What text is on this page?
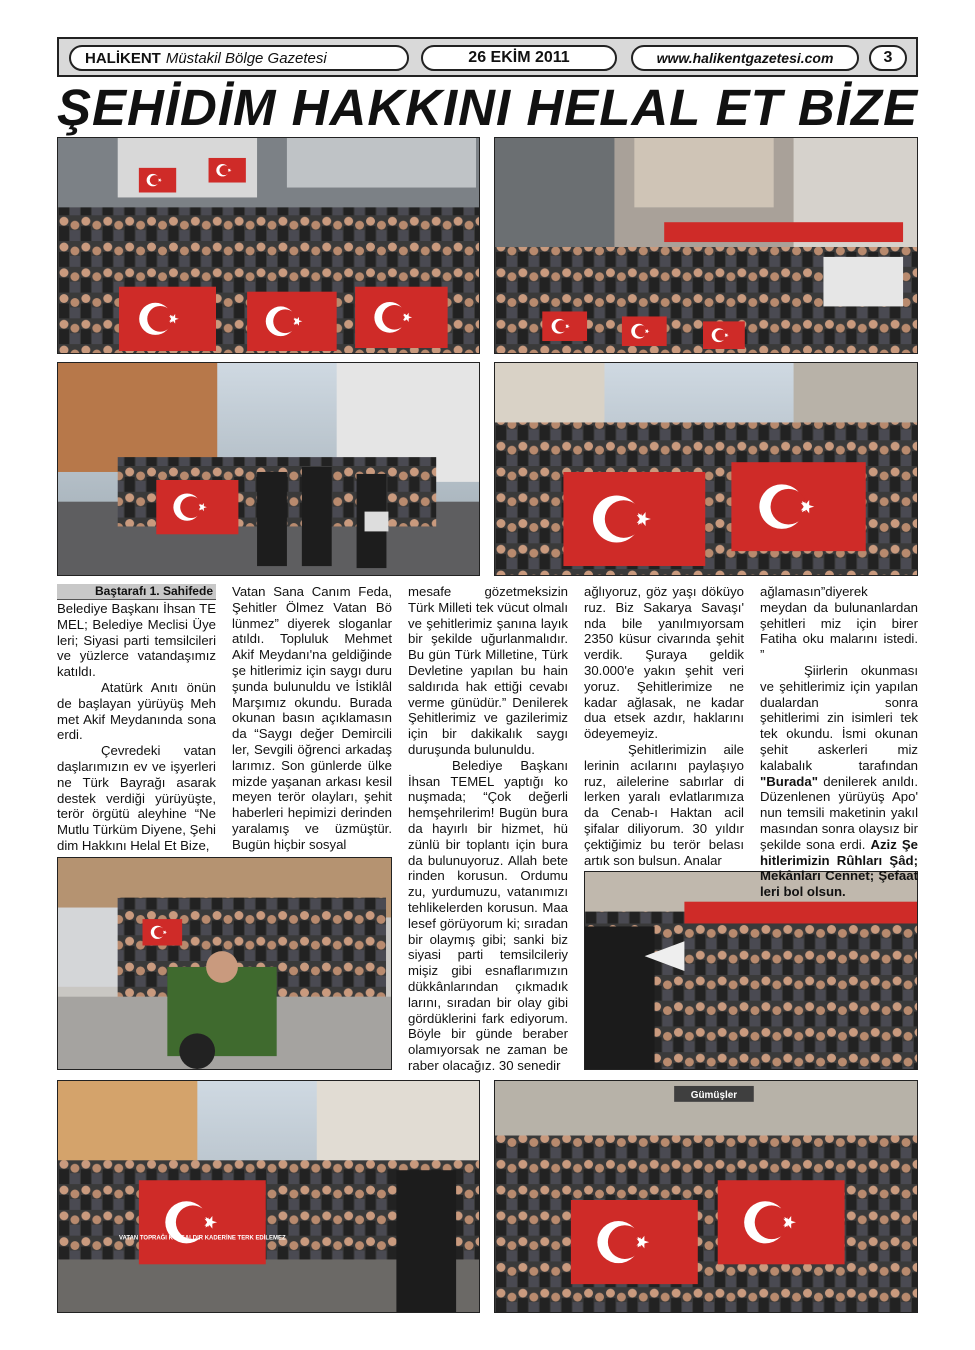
HALİKENT Müstakil Bölge Gazetesi	26 EKİM 2011	www.halikentgazetesi.com	3
ŞEHİDİM HAKKINI HELAL ET BİZE
VATAN TOPRAĞI KUTSALDIR KADERİNE TERK EDİLEMEZ
Gümüşler
Baştarafı 1. Sahifede

Belediye Başkanı İhsan TE MEL; Belediye Meclisi Üye leri; Siyasi parti temsilcileri ve yüzlerce vatandaşımız katıldı.

Atatürk Anıtı önün de başlayan yürüyüş Meh met Akif Meydanında sona erdi.

Çevredeki vatan daşlarımızın ev ve işyerleri ne Türk Bayrağı asarak destek verdiği yürüyüşte, terör örgütü aleyhine “Ne Mutlu Türküm Diyene, Şehi dim Hakkını Helal Et Bize,

Vatan Sana Canım Feda, Şehitler Ölmez Vatan Bö lünmez” diyerek sloganlar atıldı. Topluluk Mehmet Akif Meydanı'na geldiğinde şe hitlerimiz için saygı duru şunda bulunuldu ve İstiklâl Marşımız okundu. Burada okunan basın açıklamasın da “Saygı değer Demircili ler, Sevgili öğrenci arkadaş larımız. Son günlerde ülke mizde yaşanan arkası kesil meyen terör olayları, şehit haberleri hepimizi derinden yaralamış ve üzmüştür. Bugün hiçbir sosyal

mesafe gözetmeksizin Türk Milleti tek vücut olmalı ve şehitlerimiz şanına layık bir şekilde uğurlanmalıdır. Bu gün Türk Milletine, Türk Devletine yapılan bu hain saldırıda hak ettiği cevabı verme günüdür.” Denilerek Şehitlerimiz ve gazilerimiz için bir dakikalık saygı duruşunda bulunuldu.

Belediye Başkanı İhsan TEMEL yaptığı ko nuşmada; “Çok değerli hemşehrilerim! Bugün bura da hayırlı bir hizmet, hü zünlü bir toplantı için bura da bulunuyoruz. Allah bete rinden korusun. Ordumu zu, yurdumuzu, vatanımızı tehlikelerden korusun. Maa lesef görüyorum ki; sıradan bir olaymış gibi; sanki biz siyasi parti temsilcileriy mişiz gibi esnaflarımızın dükkânlarından çıkmadık larını, sıradan bir olay gibi gördüklerini fark ediyorum. Böyle bir günde beraber olamıyorsak ne zaman be raber olacağız. 30 senedir

ağlıyoruz, göz yaşı döküyo ruz. Biz Sakarya Savaşı' nda bile yanılmıyorsam 2350 küsur civarında şehit verdik. Şuraya geldik 30.000'e yakın şehit veri yoruz. Şehitlerimize ne kadar ağlasak, ne kadar dua etsek azdır, haklarını ödeyemeyiz.

Şehitlerimizin aile lerinin acılarını paylaşıyo ruz, ailelerine sabırlar di lerken yaralı evlatlarımıza da Cenab-ı Haktan acil şifalar diliyorum. 30 yıldır çektiğimiz bu terör belası artık son bulsun. Analar

ağlamasın”diyerek meydan da bulunanlardan şehitleri miz için birer Fatiha oku malarını istedi. ”

Şiirlerin okunması ve şehitlerimiz için yapılan dualardan sonra şehitlerimi zin isimleri tek tek okundu. İsmi okunan şehit askerleri miz kalabalık tarafından "Burada" denilerek anıldı. Düzenlenen yürüyüş Apo' nun temsili maketinin yakıl masından sonra olaysız bir şekilde sona erdi. Aziz Şe hitlerimizin Rûhları Şâd; Mekânları Cennet; Şefaat leri bol olsun.
